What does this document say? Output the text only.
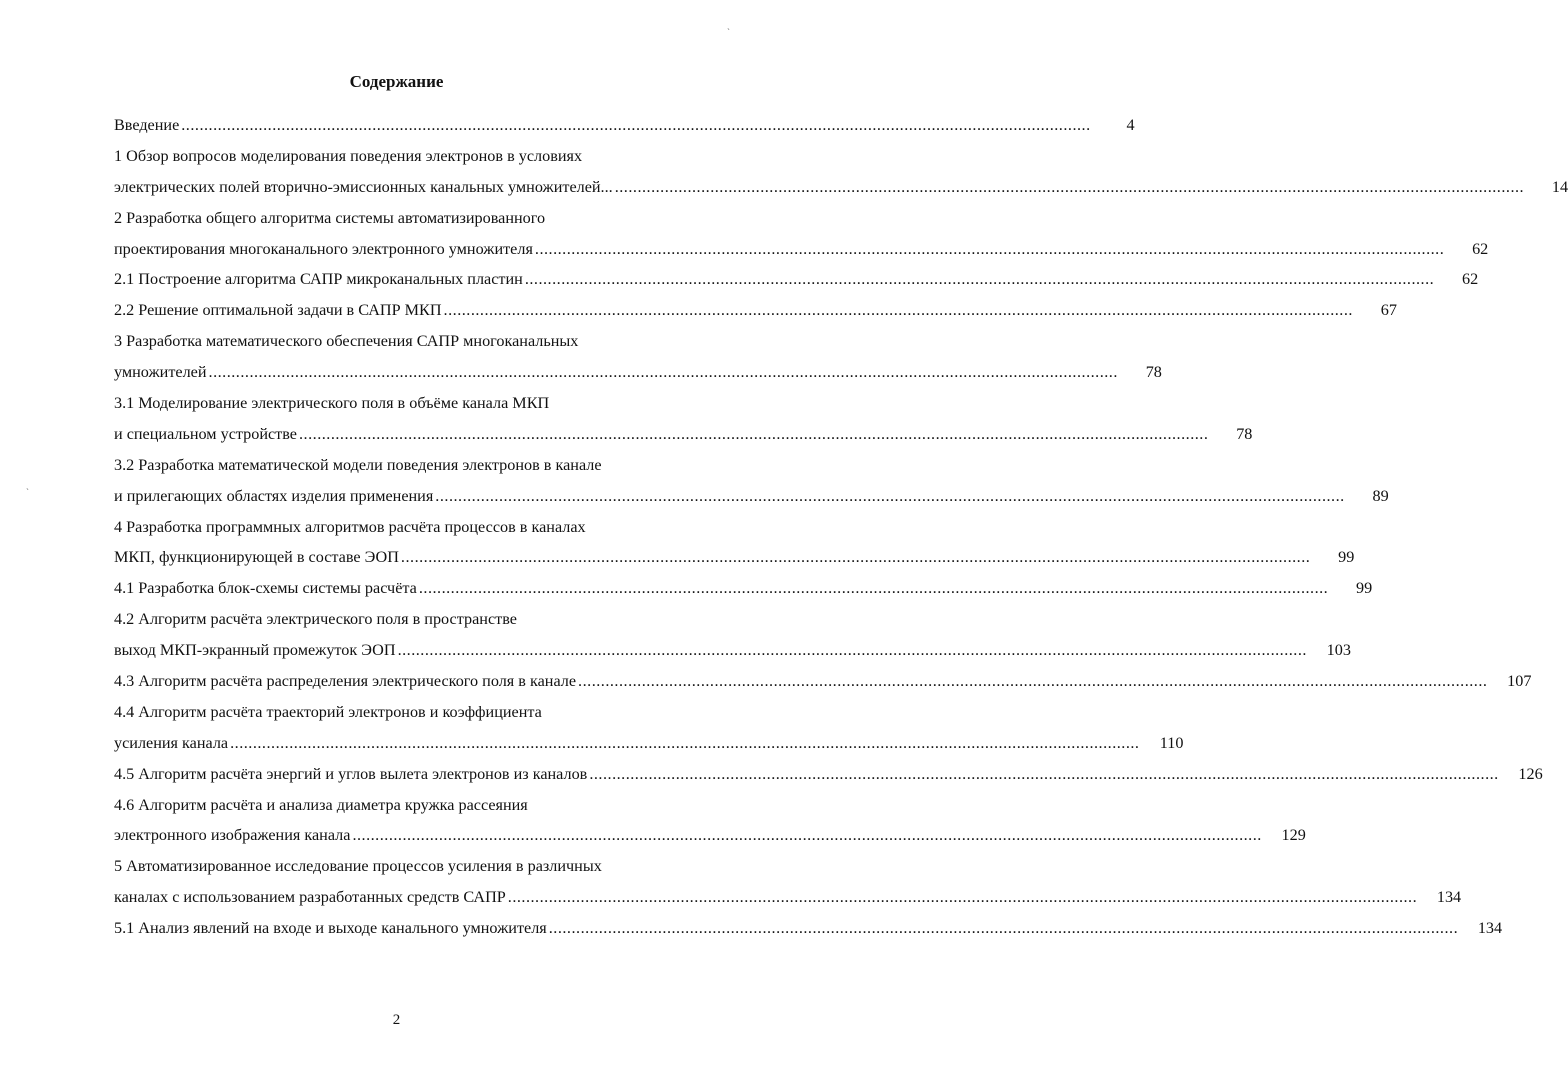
Содержание
Введение ........................................................................................................................................................................................................	4
1 Обзор вопросов моделирования поведения электронов в условиях
электрических полей вторично-эмиссионных канальных умножителей... ........................................................................................................................................................................................................	14
2 Разработка общего алгоритма системы автоматизированного
проектирования многоканального электронного умножителя ........................................................................................................................................................................................................	62
2.1 Построение алгоритма САПР микроканальных пластин ........................................................................................................................................................................................................	62
2.2 Решение оптимальной задачи в САПР МКП ........................................................................................................................................................................................................	67
3 Разработка математического обеспечения САПР многоканальных
умножителей ........................................................................................................................................................................................................	78
3.1 Моделирование электрического поля в объёме канала МКП
и специальном устройстве ........................................................................................................................................................................................................	78
3.2 Разработка математической модели поведения электронов в канале
и прилегающих областях изделия применения ........................................................................................................................................................................................................	89
4 Разработка программных алгоритмов расчёта процессов в каналах
МКП, функционирующей в составе ЭОП ........................................................................................................................................................................................................	99
4.1 Разработка блок-схемы системы расчёта ........................................................................................................................................................................................................	99
4.2 Алгоритм расчёта электрического поля в пространстве
выход МКП-экранный промежуток ЭОП ........................................................................................................................................................................................................	103
4.3 Алгоритм расчёта распределения электрического поля в канале ........................................................................................................................................................................................................	107
4.4 Алгоритм расчёта траекторий электронов и коэффициента
усиления канала ........................................................................................................................................................................................................	110
4.5 Алгоритм расчёта энергий и углов вылета электронов из каналов ........................................................................................................................................................................................................	126
4.6 Алгоритм расчёта и анализа диаметра кружка рассеяния
электронного изображения канала ........................................................................................................................................................................................................	129
5 Автоматизированное исследование процессов усиления в различных
каналах с использованием разработанных средств САПР ........................................................................................................................................................................................................	134
5.1 Анализ явлений на входе и выходе канального умножителя ........................................................................................................................................................................................................	134
2
ˏ
ˏ
